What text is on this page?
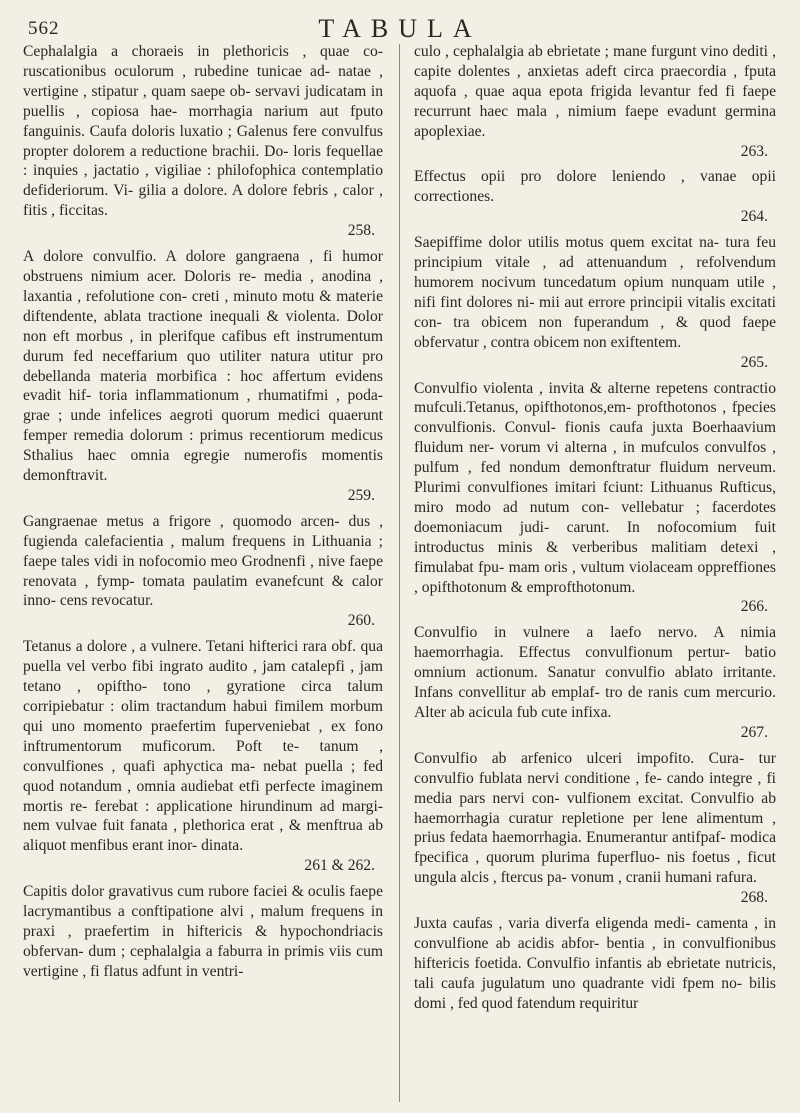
562	TABULA
Cephalalgia a choraeis in plethoricis , quae co- ruscationibus oculorum , rubedine tunicae ad- natae , vertigine , stipatur , quam saepe ob- servavi judicatam in puellis , copiosa hae- morrhagia narium aut fputo fanguinis. Caufa doloris luxatio ; Galenus fere convulfus propter dolorem a reductione brachii. Do- loris fequellae : inquies , jactatio , vigiliae : philofophica contemplatio defideriorum. Vi- gilia a dolore. A dolore febris , calor , fitis , ficcitas.
258.
A dolore convulfio. A dolore gangraena , fi humor obstruens nimium acer. Doloris re- media , anodina , laxantia , refolutione con- creti , minuto motu & materie diftendente, ablata tractione inequali & violenta. Dolor non eft morbus , in plerifque cafibus eft instrumentum durum fed neceffarium quo utiliter natura utitur pro debellanda materia morbifica : hoc affertum evidens evadit hif- toria inflammationum , rhumatifmi , poda- grae ; unde infelices aegroti quorum medici quaerunt femper remedia dolorum : primus recentiorum medicus Sthalius haec omnia egregie numerofis momentis demonftravit.
259.
Gangraenae metus a frigore , quomodo arcen- dus , fugienda calefacientia , malum frequens in Lithuania ; faepe tales vidi in nofocomio meo Grodnenfi , nive faepe renovata , fymp- tomata paulatim evanefcunt & calor inno- cens revocatur.
260.
Tetanus a dolore , a vulnere. Tetani hifterici rara obf. qua puella vel verbo fibi ingrato audito , jam catalepfi , jam tetano , opiftho- tono , gyratione circa talum corripiebatur : olim tractandum habui fimilem morbum qui uno momento praefertim fuperveniebat , ex fono inftrumentorum muficorum. Poft te- tanum , convulfiones , quafi aphyctica ma- nebat puella ; fed quod notandum , omnia audiebat etfi perfecte imaginem mortis re- ferebat : applicatione hirundinum ad margi- nem vulvae fuit fanata , plethorica erat , & menftrua ab aliquot menfibus erant inor- dinata.
261 & 262.
Capitis dolor gravativus cum rubore faciei & oculis faepe lacrymantibus a conftipatione alvi , malum frequens in praxi , praefertim in hiftericis & hypochondriacis obfervan- dum ; cephalalgia a faburra in primis viis cum vertigine , fi flatus adfunt in ventri-
culo , cephalalgia ab ebrietate ; mane furgunt vino dediti , capite dolentes , anxietas adeft circa praecordia , fputa aquofa , quae aqua epota frigida levantur fed fi faepe recurrunt haec mala , nimium faepe evadunt germina apoplexiae.
263.
Effectus opii pro dolore leniendo , vanae opii correctiones.
264.
Saepiffime dolor utilis motus quem excitat na- tura feu principium vitale , ad attenuandum , refolvendum humorem nocivum tuncedatum opium nunquam utile , nifi fint dolores ni- mii aut errore principii vitalis excitati con- tra obicem non fuperandum , & quod faepe obfervatur , contra obicem non exiftentem.
265.
Convulfio violenta , invita & alterne repetens contractio mufculi.Tetanus, opifthotonos,em- profthotonos , fpecies convulfionis. Convul- fionis caufa juxta Boerhaavium fluidum ner- vorum vi alterna , in mufculos convulfos , pulfum , fed nondum demonftratur fluidum nerveum. Plurimi convulfiones imitari fciunt: Lithuanus Rufticus, miro modo ad nutum con- vellebatur ; facerdotes doemoniacum judi- carunt. In nofocomium fuit introductus minis & verberibus malitiam detexi , fimulabat fpu- mam oris , vultum violaceam oppreffiones , opifthotonum & emprofthotonum.
266.
Convulfio in vulnere a laefo nervo. A nimia haemorrhagia. Effectus convulfionum pertur- batio omnium actionum. Sanatur convulfio ablato irritante. Infans convellitur ab emplaf- tro de ranis cum mercurio. Alter ab acicula fub cute infixa.
267.
Convulfio ab arfenico ulceri impofito. Cura- tur convulfio fublata nervi conditione , fe- cando integre , fi media pars nervi con- vulfionem excitat. Convulfio ab haemorrhagia curatur repletione per lene alimentum , prius fedata haemorrhagia. Enumerantur antifpaf- modica fpecifica , quorum plurima fuperfluo- nis foetus , ficut ungula alcis , ftercus pa- vonum , cranii humani rafura.
268.
Juxta caufas , varia diverfa eligenda medi- camenta , in convulfione ab acidis abfor- bentia , in convulfionibus hiftericis foetida. Convulfio infantis ab ebrietate nutricis, tali caufa jugulatum uno quadrante vidi fpem no- bilis domi , fed quod fatendum requiritur
